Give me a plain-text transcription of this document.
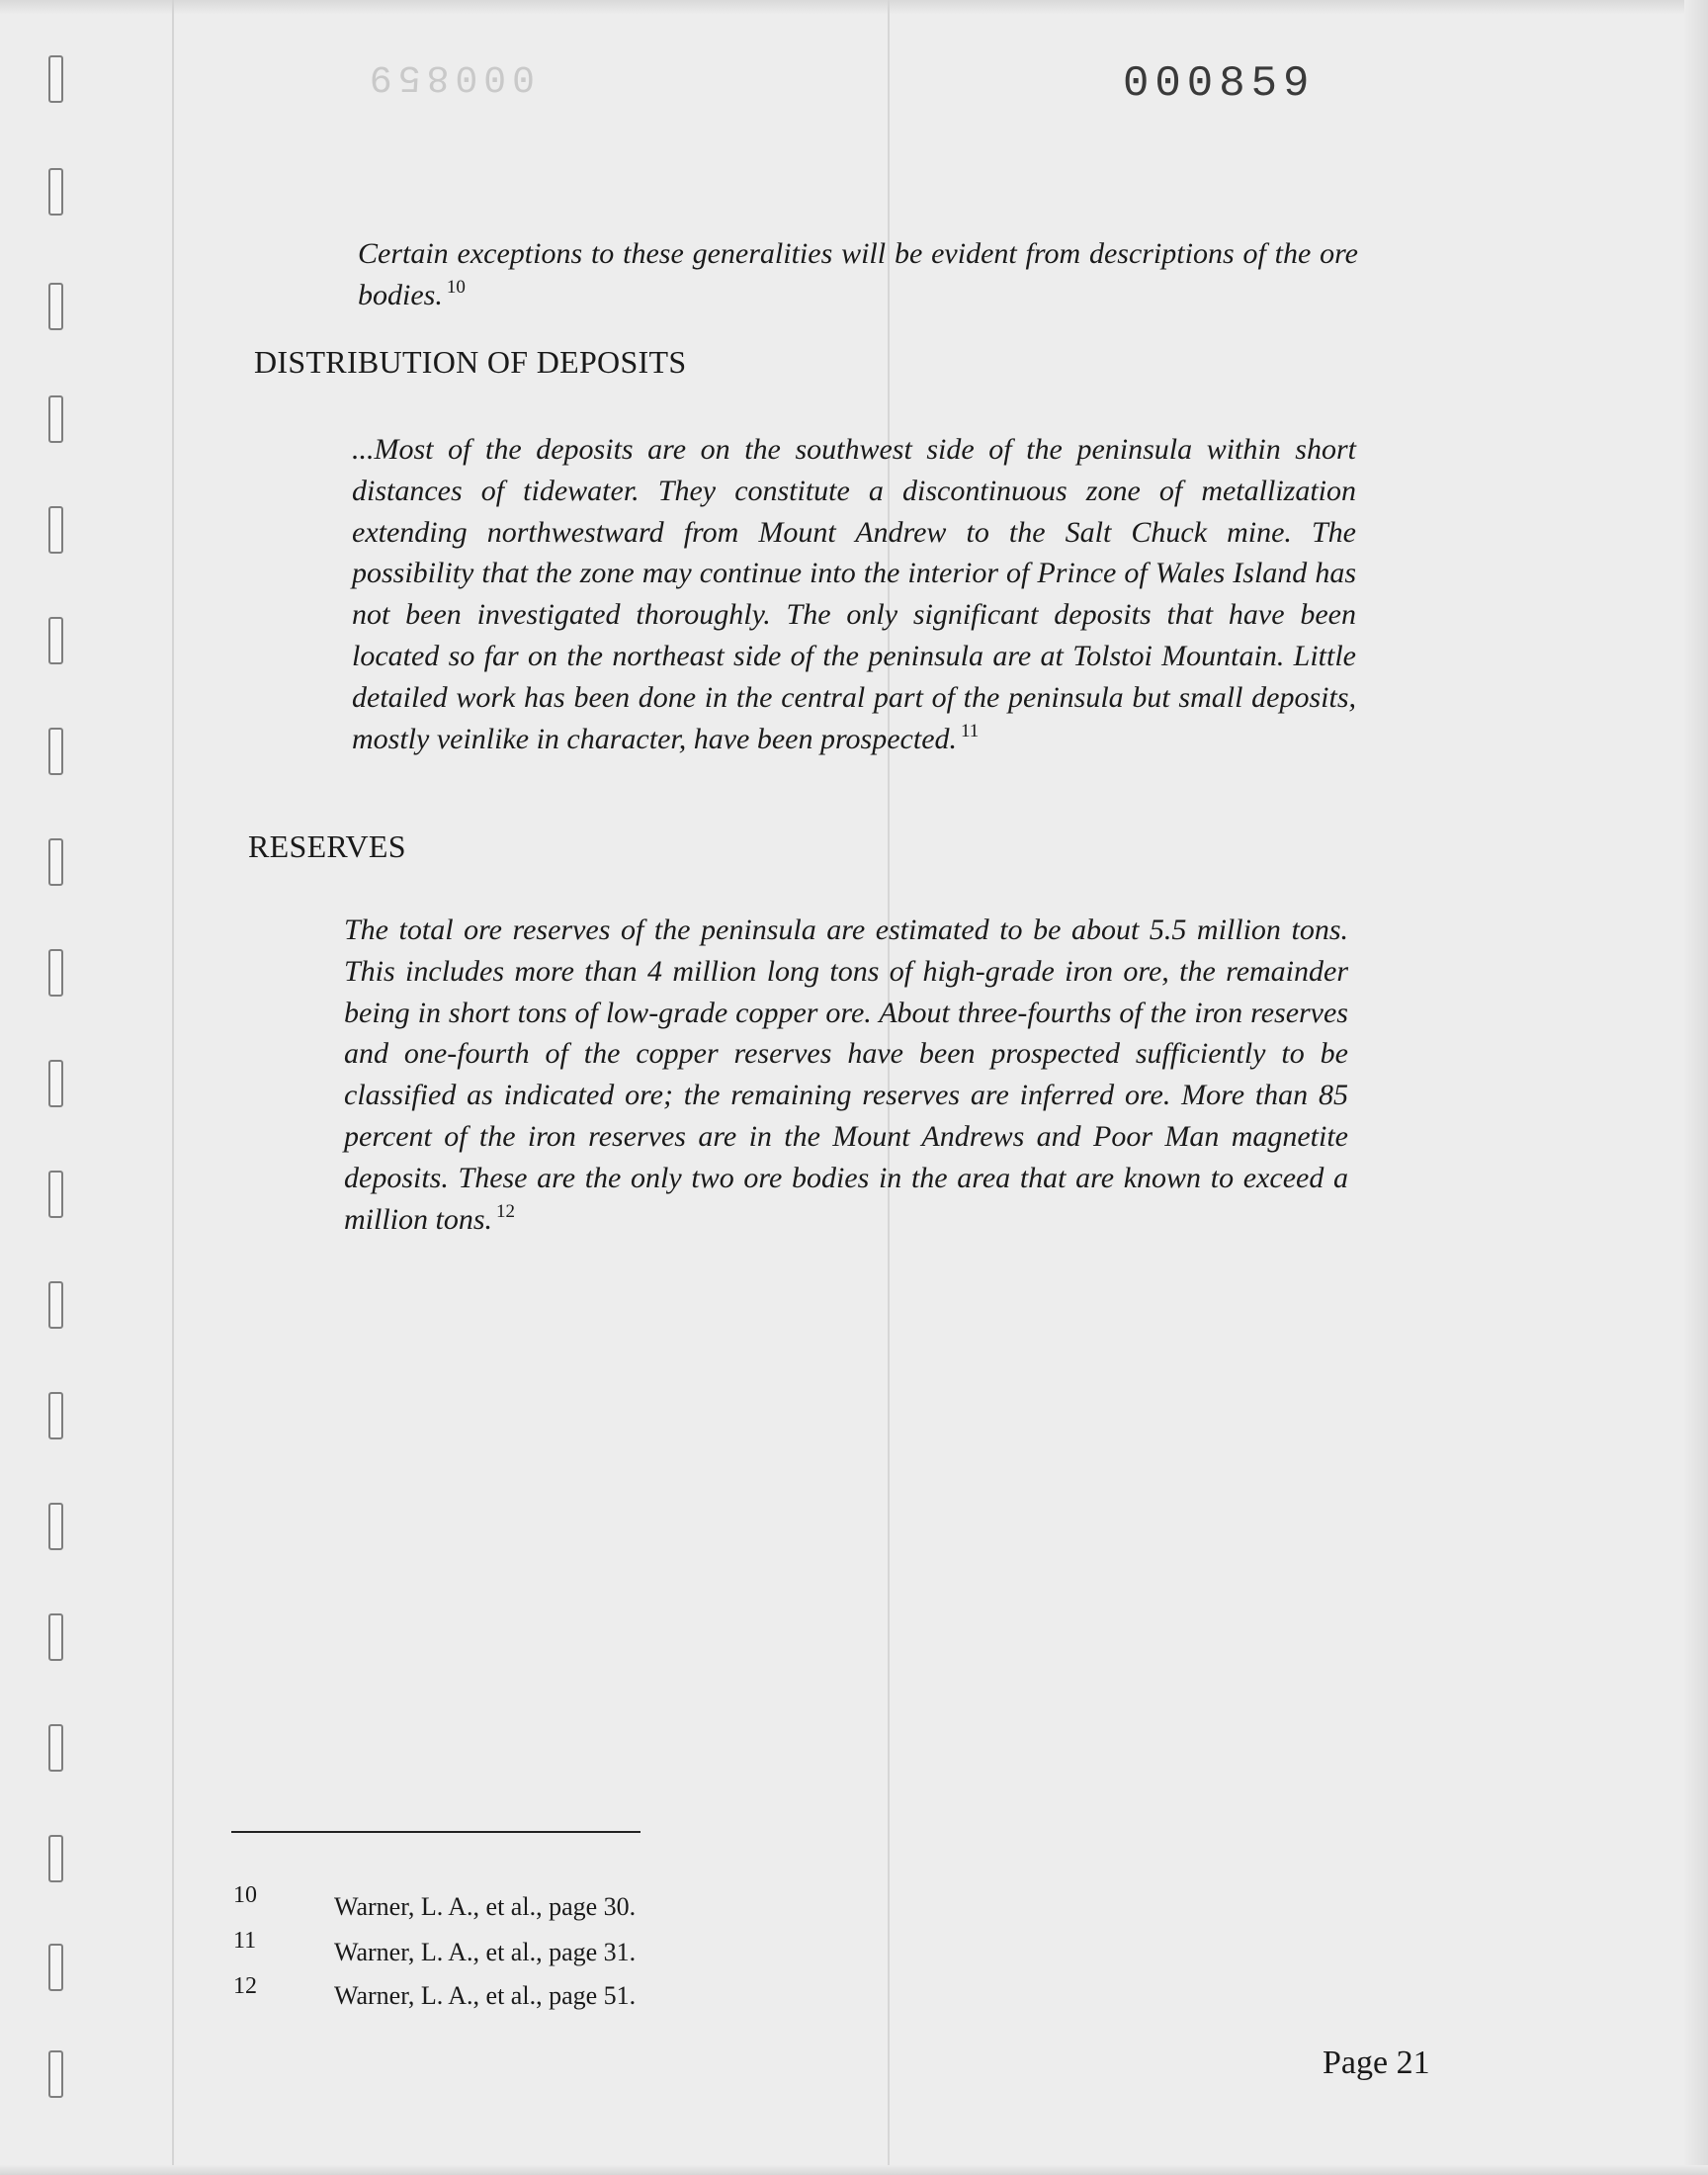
000859	000859

Certain exceptions to these generalities will be evident from descriptions of the ore bodies. $^{10}$

DISTRIBUTION OF DEPOSITS

...Most of the deposits are on the southwest side of the peninsula within short distances of tidewater. They constitute a discontinuous zone of metallization extending northwestward from Mount Andrew to the Salt Chuck mine. The possibility that the zone may continue into the interior of Prince of Wales Island has not been investigated thoroughly. The only significant deposits that have been located so far on the northeast side of the peninsula are at Tolstoi Mountain. Little detailed work has been done in the central part of the peninsula but small deposits, mostly veinlike in character, have been prospected. $^{11}$

RESERVES

The total ore reserves of the peninsula are estimated to be about 5.5 million tons. This includes more than 4 million long tons of high-grade iron ore, the remainder being in short tons of low-grade copper ore. About three-fourths of the iron reserves and one-fourth of the copper reserves have been prospected sufficiently to be classified as indicated ore; the remaining reserves are inferred ore. More than 85 percent of the iron reserves are in the Mount Andrews and Poor Man magnetite deposits. These are the only two ore bodies in the area that are known to exceed a million tons. $^{12}$

10	Warner, L. A., et al., page 30.
11	Warner, L. A., et al., page 31.
12	Warner, L. A., et al., page 51.
Page 21
